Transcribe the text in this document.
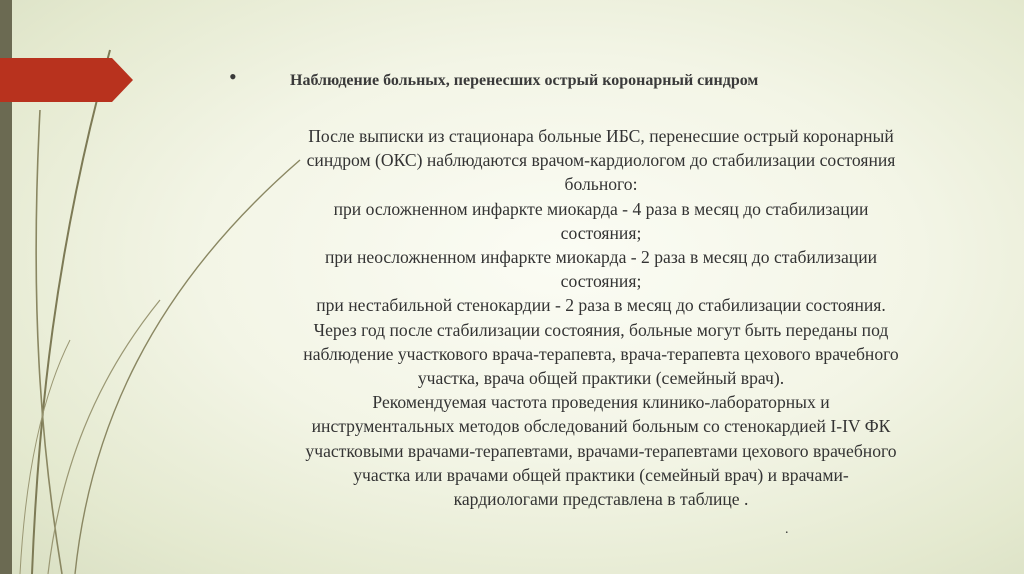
•	Наблюдение больных, перенесших острый коронарный синдром
После выписки из стационара больные ИБС, перенесшие острый коронарный
синдром (ОКС) наблюдаются врачом-кардиологом до стабилизации состояния
больного:
при осложненном инфаркте миокарда - 4 раза в месяц до стабилизации
состояния;
при неосложненном инфаркте миокарда - 2 раза в месяц до стабилизации
состояния;
при нестабильной стенокардии - 2 раза в месяц до стабилизации состояния.
Через год после стабилизации состояния, больные могут быть переданы под
наблюдение участкового врача-терапевта, врача-терапевта цехового врачебного
участка, врача общей практики (семейный врач).
Рекомендуемая частота проведения клинико-лабораторных и
инструментальных методов обследований больным со стенокардией I-IV ФК
участковыми врачами-терапевтами, врачами-терапевтами цехового врачебного
участка или врачами общей практики (семейный врач) и врачами-
кардиологами представлена в таблице .
.
